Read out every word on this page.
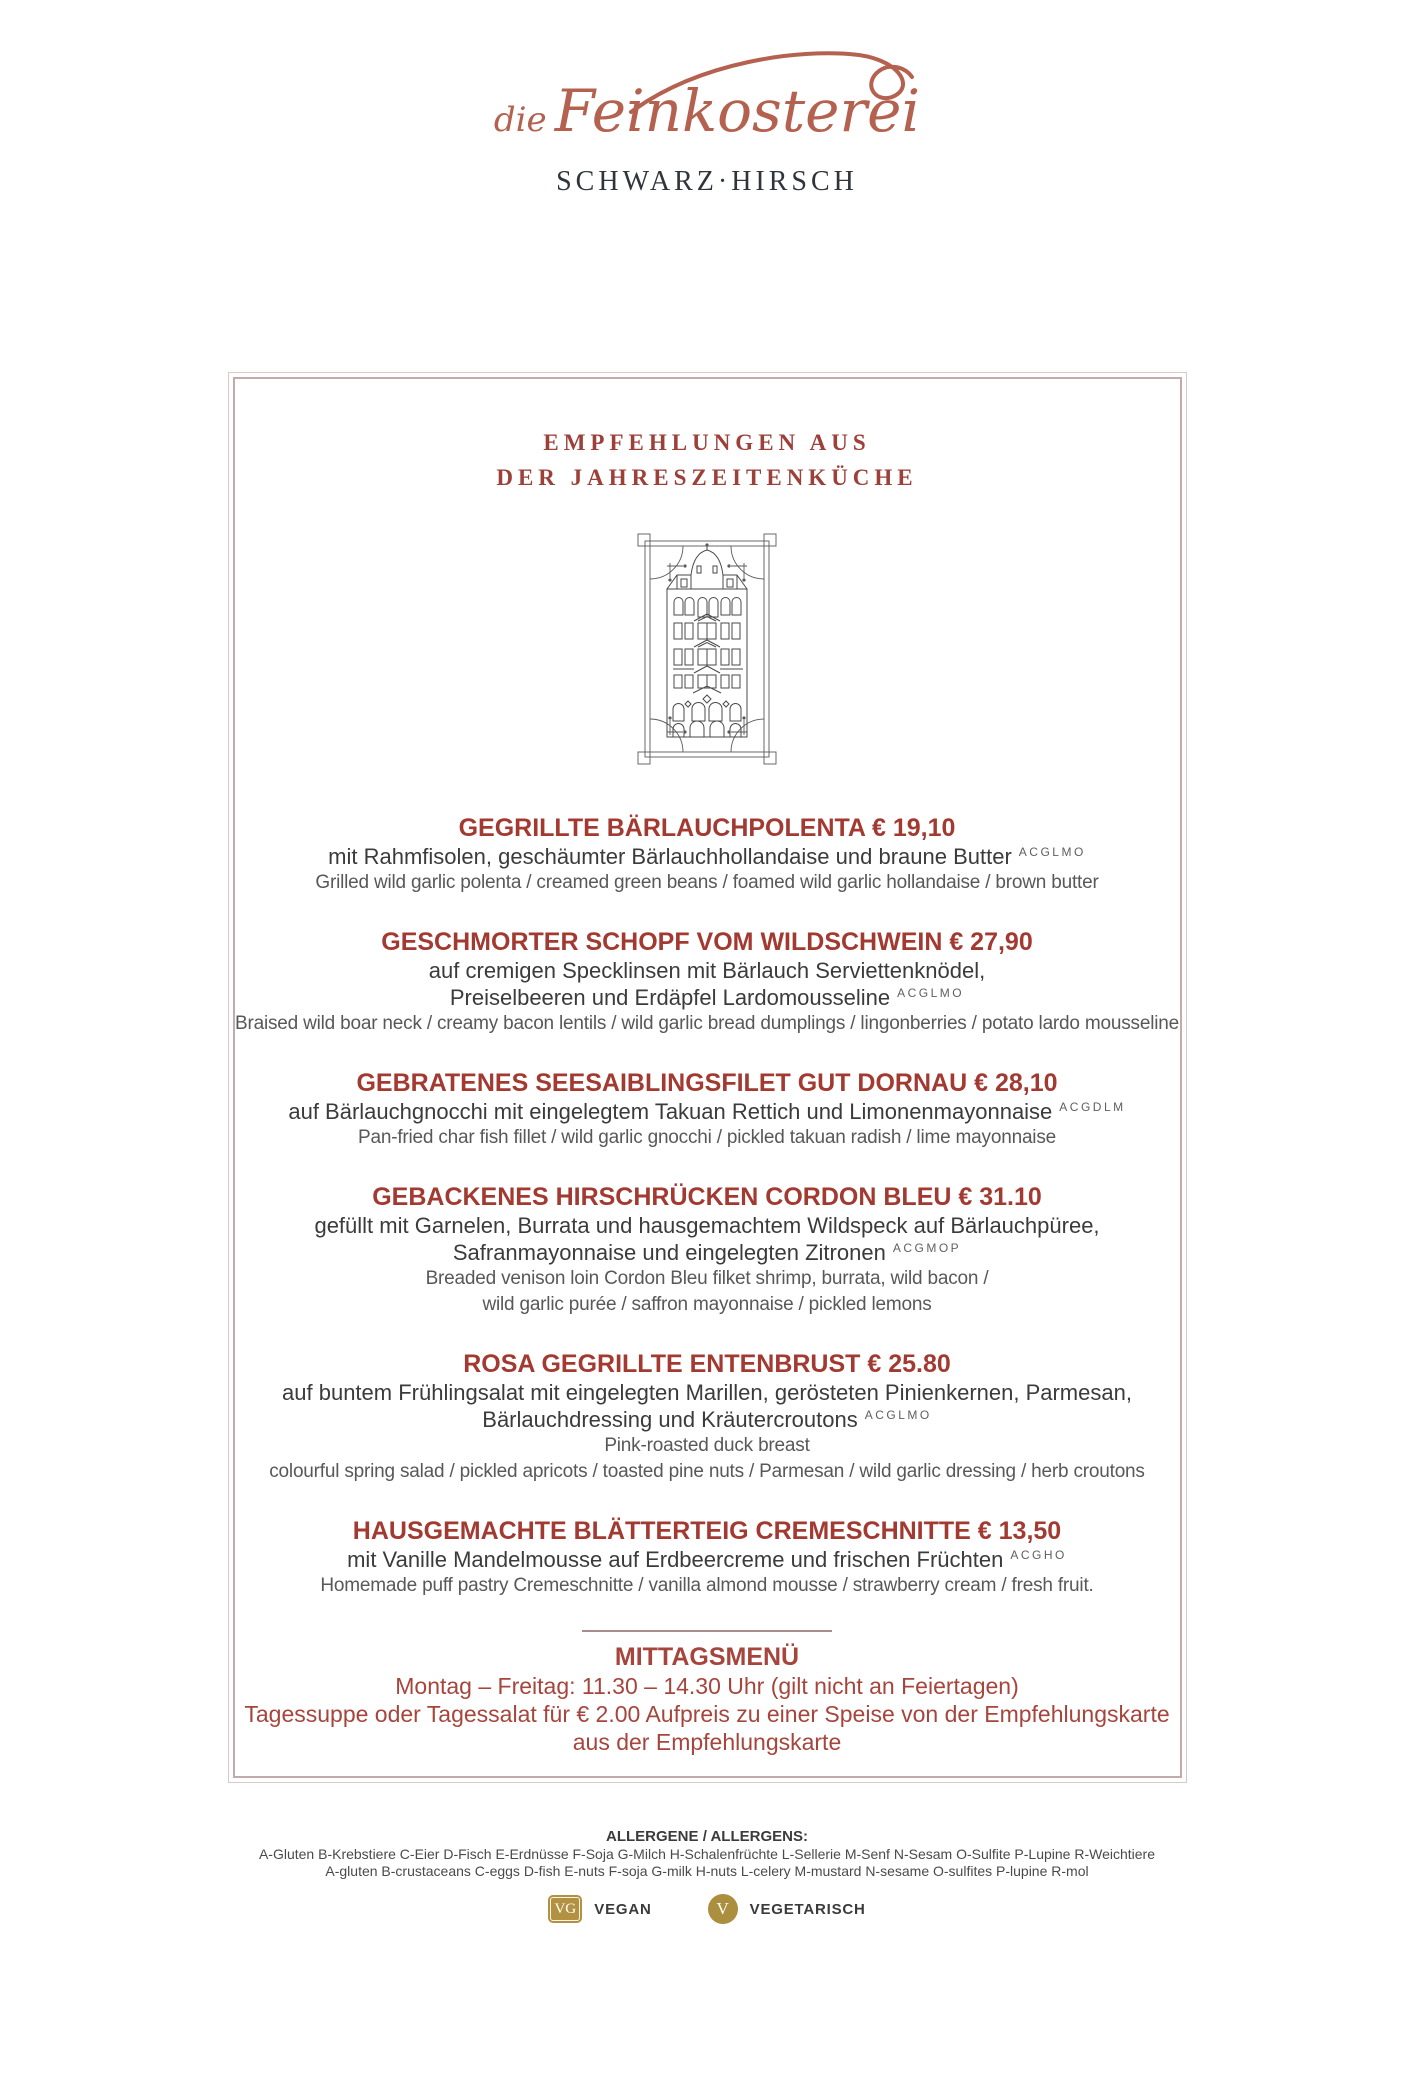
die Feinkosterei
SCHWARZ·HIRSCH
EMPFEHLUNGEN AUS
DER JAHRESZEITENKÜCHE
GEGRILLTE BÄRLAUCHPOLENTA € 19,10
mit Rahmfisolen, geschäumter Bärlauchhollandaise und braune Butter $^{ACGLMO}$
Grilled wild garlic polenta / creamed green beans / foamed wild garlic hollandaise / brown butter
GESCHMORTER SCHOPF VOM WILDSCHWEIN € 27,90
auf cremigen Specklinsen mit Bärlauch Serviettenknödel,
Preiselbeeren und Erdäpfel Lardomousseline $^{ACGLMO}$
Braised wild boar neck / creamy bacon lentils / wild garlic bread dumplings / lingonberries / potato lardo mousseline
GEBRATENES SEESAIBLINGSFILET GUT DORNAU € 28,10
auf Bärlauchgnocchi mit eingelegtem Takuan Rettich und Limonenmayonnaise $^{ACGDLM}$
Pan-fried char fish fillet / wild garlic gnocchi / pickled takuan radish / lime mayonnaise
GEBACKENES HIRSCHRÜCKEN CORDON BLEU € 31.10
gefüllt mit Garnelen, Burrata und hausgemachtem Wildspeck auf Bärlauchpüree,
Safranmayonnaise und eingelegten Zitronen $^{ACGMOP}$
Breaded venison loin Cordon Bleu filket shrimp, burrata, wild bacon /
wild garlic purée / saffron mayonnaise / pickled lemons
ROSA GEGRILLTE ENTENBRUST € 25.80
auf buntem Frühlingsalat mit eingelegten Marillen, gerösteten Pinienkernen, Parmesan,
Bärlauchdressing und Kräutercroutons $^{ACGLMO}$
Pink-roasted duck breast
colourful spring salad / pickled apricots / toasted pine nuts / Parmesan / wild garlic dressing / herb croutons
HAUSGEMACHTE BLÄTTERTEIG CREMESCHNITTE € 13,50
mit Vanille Mandelmousse auf Erdbeercreme und frischen Früchten $^{ACGHO}$
Homemade puff pastry Cremeschnitte / vanilla almond mousse / strawberry cream / fresh fruit.
MITTAGSMENÜ
Montag – Freitag: 11.30 – 14.30 Uhr (gilt nicht an Feiertagen)
Tagessuppe oder Tagessalat für € 2.00 Aufpreis zu einer Speise von der Empfehlungskarte
aus der Empfehlungskarte
ALLERGENE / ALLERGENS:
A-Gluten B-Krebstiere C-Eier D-Fisch E-Erdnüsse F-Soja G-Milch H-Schalenfrüchte L-Sellerie M-Senf N-Sesam O-Sulfite P-Lupine R-Weichtiere
A-gluten B-crustaceans C-eggs D-fish E-nuts F-soja G-milk H-nuts L-celery M-mustard N-sesame O-sulfites P-lupine R-mol
VG VEGAN	V VEGETARISCH
